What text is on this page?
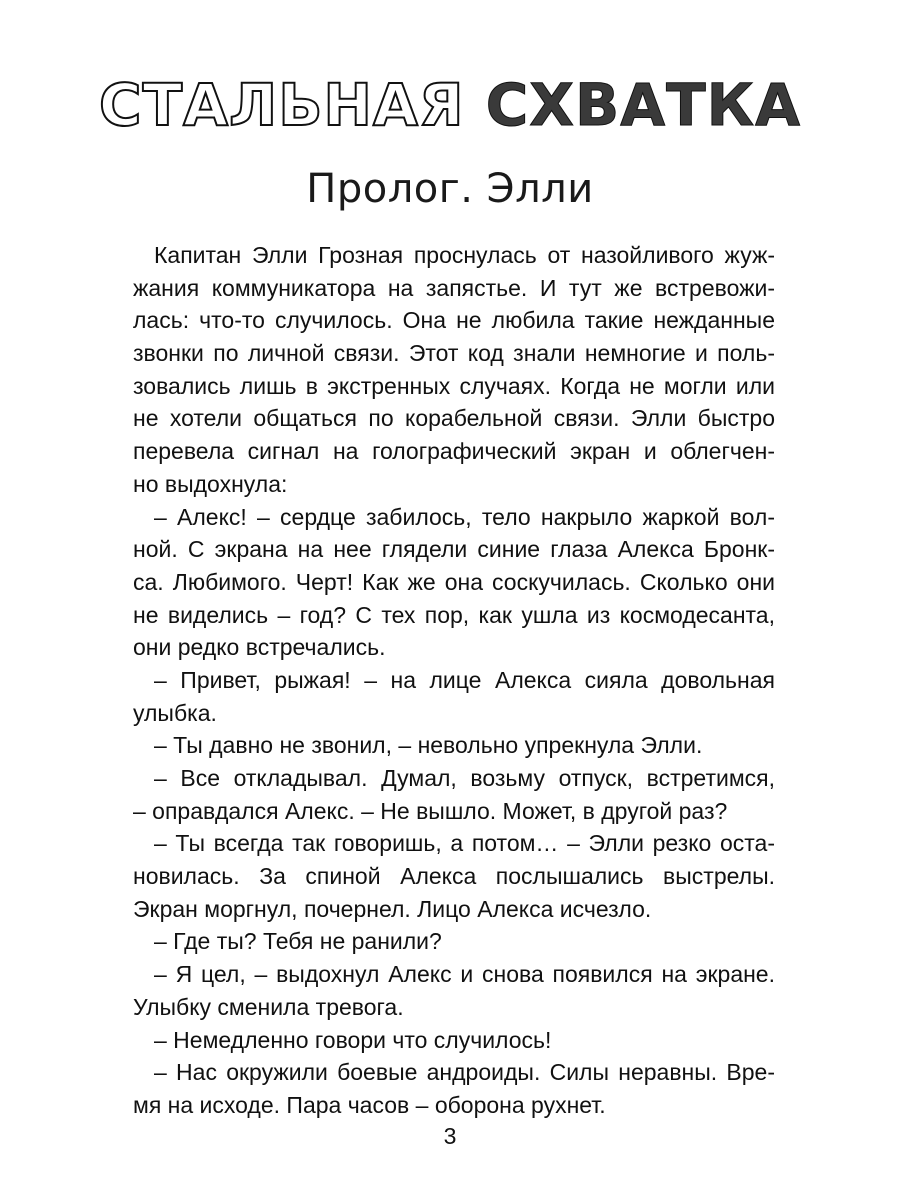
СТАЛЬНАЯ СХВАТКА
Пролог. Элли
Капитан Элли Грозная проснулась от назойливого жуж-
жания коммуникатора на запястье. И тут же встревожи-
лась: что-то случилось. Она не любила такие нежданные
звонки по личной связи. Этот код знали немногие и поль-
зовались лишь в экстренных случаях. Когда не могли или
не хотели общаться по корабельной связи. Элли быстро
перевела сигнал на голографический экран и облегчен-
но выдохнула:
– Алекс! – сердце забилось, тело накрыло жаркой вол-
ной. С экрана на нее глядели синие глаза Алекса Бронк-
са. Любимого. Черт! Как же она соскучилась. Сколько они
не виделись – год? С тех пор, как ушла из космодесанта,
они редко встречались.
– Привет, рыжая! – на лице Алекса сияла довольная
улыбка.
– Ты давно не звонил, – невольно упрекнула Элли.
– Все откладывал. Думал, возьму отпуск, встретимся,
– оправдался Алекс. – Не вышло. Может, в другой раз?
– Ты всегда так говоришь, а потом… – Элли резко оста-
новилась. За спиной Алекса послышались выстрелы.
Экран моргнул, почернел. Лицо Алекса исчезло.
– Где ты? Тебя не ранили?
– Я цел, – выдохнул Алекс и снова появился на экране.
Улыбку сменила тревога.
– Немедленно говори что случилось!
– Нас окружили боевые андроиды. Силы неравны. Вре-
мя на исходе. Пара часов – оборона рухнет.
3
